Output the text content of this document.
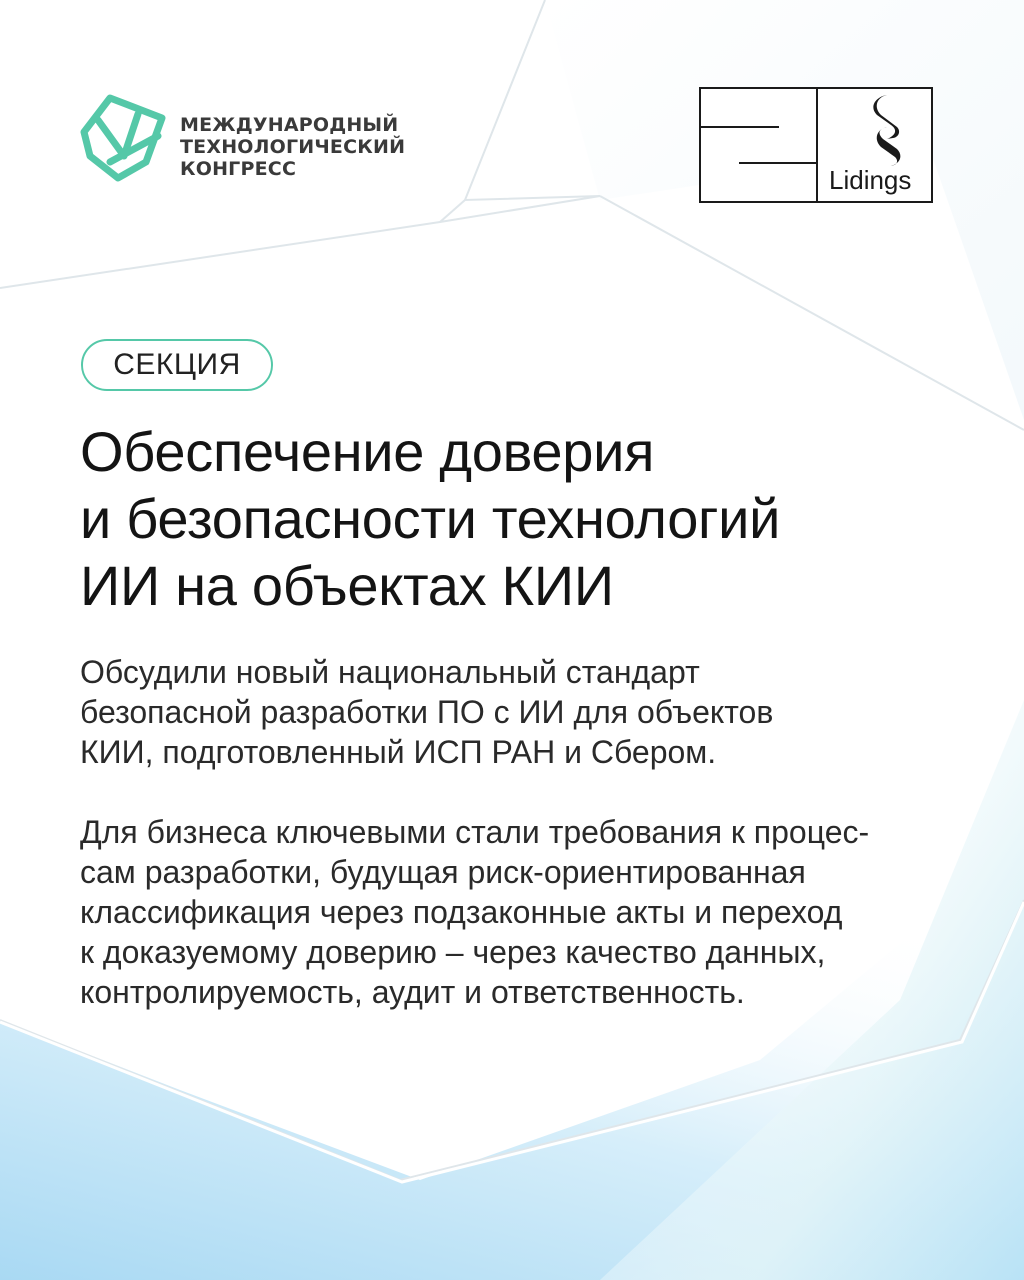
МЕЖДУНАРОДНЫЙ
ТЕХНОЛОГИЧЕСКИЙ
КОНГРЕСС	Lidings
СЕКЦИЯ
Обеспечение доверия
и безопасности технологий
ИИ на объектах КИИ
Обсудили новый национальный стандарт
безопасной разработки ПО с ИИ для объектов
КИИ, подготовленный ИСП РАН и Сбером.
Для бизнеса ключевыми стали требования к процес-
сам разработки, будущая риск-ориентированная
классификация через подзаконные акты и переход
к доказуемому доверию – через качество данных,
контролируемость, аудит и ответственность.
